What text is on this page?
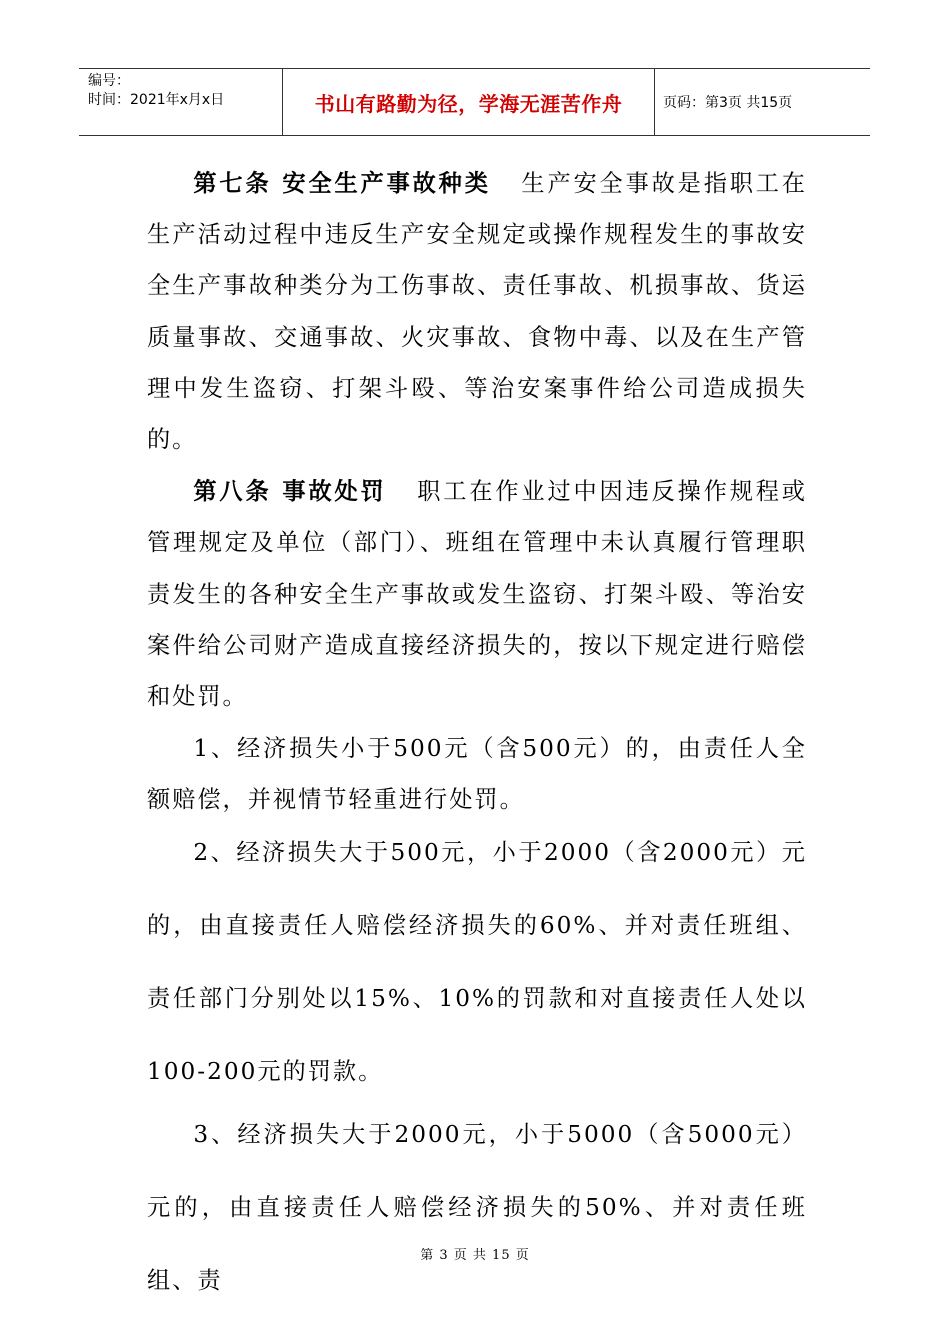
编号：
时间：2021年x月x日	书山有路勤为径，学海无涯苦作舟	页码：第3页 共15页

第七条 安全生产事故种类 生产安全事故是指职工在生产活动过程中违反生产安全规定或操作规程发生的事故安全生产事故种类分为工伤事故、责任事故、机损事故、货运质量事故、交通事故、火灾事故、食物中毒、以及在生产管理中发生盗窃、打架斗殴、等治安案事件给公司造成损失的。

第八条 事故处罚 职工在作业过中因违反操作规程或管理规定及单位（部门）、班组在管理中未认真履行管理职责发生的各种安全生产事故或发生盗窃、打架斗殴、等治安案件给公司财产造成直接经济损失的，按以下规定进行赔偿和处罚。

1、经济损失小于500元（含500元）的，由责任人全额赔偿，并视情节轻重进行处罚。

2、经济损失大于500元，小于2000（含2000元）元的，由直接责任人赔偿经济损失的60%、并对责任班组、责任部门分别处以15%、10%的罚款和对直接责任人处以100-200元的罚款。

3、经济损失大于2000元，小于5000（含5000元）元的，由直接责任人赔偿经济损失的50%、并对责任班组、责

第 3 页 共 15 页
